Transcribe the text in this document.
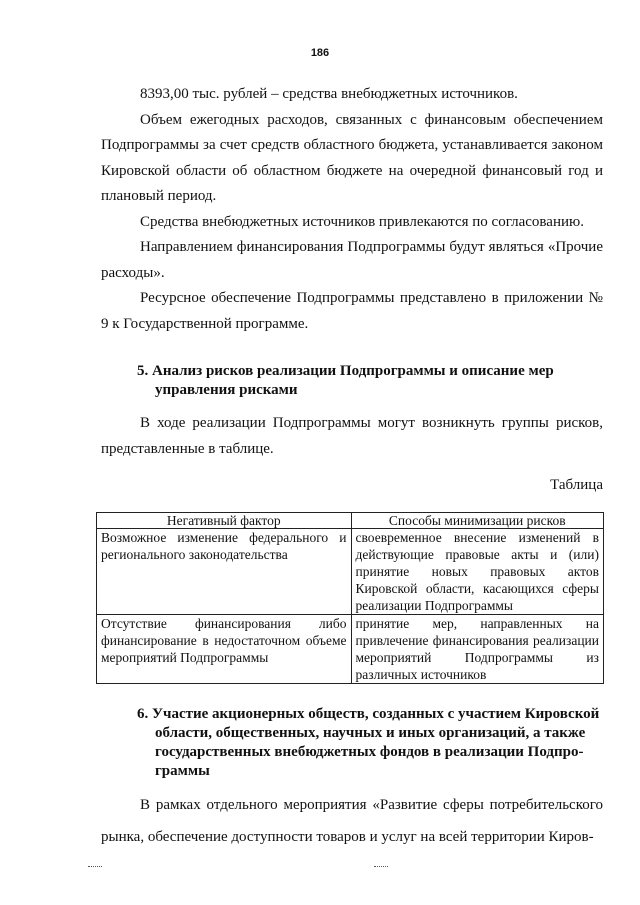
186

8393,00 тыс. рублей – средства внебюджетных источников.

Объем ежегодных расходов, связанных с финансовым обеспечением Подпрограммы за счет средств областного бюджета, устанавливается законом Кировской области об областном бюджете на очередной финансовый год и плановый период.

Средства внебюджетных источников привлекаются по согласованию.

Направлением финансирования Подпрограммы будут являться «Прочие расходы».

Ресурсное обеспечение Подпрограммы представлено в приложении № 9 к Государственной программе.

5. Анализ рисков реализации Подпрограммы и описание мер
управления рисками

В ходе реализации Подпрограммы могут возникнуть группы рисков, представленные в таблице.

Таблица
Негативный фактор	Способы минимизации рисков
Возможное изменение федерального и регионального законодательства	своевременное внесение изменений в действующие правовые акты и (или) принятие новых правовых актов Кировской области, касающихся сферы реализации Подпрограммы
Отсутствие финансирования либо финансирование в недостаточном объеме мероприятий Подпрограммы	принятие мер, направленных на привлечение финансирования реализации мероприятий Подпрограммы из различных источников
6. Участие акционерных обществ, созданных с участием Кировской
области, общественных, научных и иных организаций, а также
государственных внебюджетных фондов в реализации Подпро-
граммы

В рамках отдельного мероприятия «Развитие сферы потребительского рынка, обеспечение доступности товаров и услуг на всей территории Киров-
